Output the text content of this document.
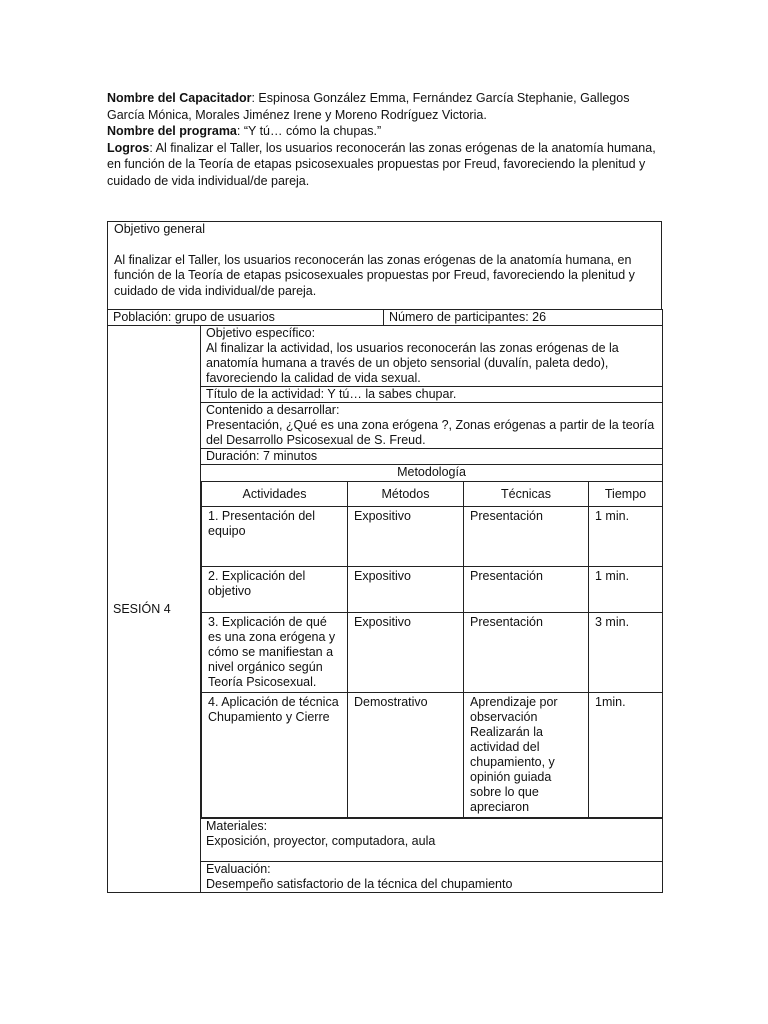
Nombre del Capacitador: Espinosa González Emma, Fernández García Stephanie, Gallegos García Mónica, Morales Jiménez Irene y Moreno Rodríguez Victoria.

Nombre del programa: “Y tú… cómo la chupas.”

Logros: Al finalizar el Taller, los usuarios reconocerán las zonas erógenas de la anatomía humana, en función de la Teoría de etapas psicosexuales propuestas por Freud, favoreciendo la plenitud y cuidado de vida individual/de pareja.

Objetivo general
Al finalizar el Taller, los usuarios reconocerán las zonas erógenas de la anatomía humana, en función de la Teoría de etapas psicosexuales propuestas por Freud, favoreciendo la plenitud y cuidado de vida individual/de pareja.
Población: grupo de usuarios	Número de participantes: 26
SESIÓN 4	
Objetivo específico:
Al finalizar la actividad, los usuarios reconocerán las zonas erógenas de la anatomía humana a través de un objeto sensorial (duvalín, paleta dedo), favoreciendo la calidad de vida sexual.

Título de la actividad: Y tú… la sabes chupar.

Contenido a desarrollar:
Presentación, ¿Qué es una zona erógena ?, Zonas erógenas a partir de la teoría del Desarrollo Psicosexual de S. Freud.

Duración: 7 minutos

Metodología
Actividades	Métodos	Técnicas	Tiempo
1. Presentación del equipo	Expositivo	Presentación	1 min.
2. Explicación del objetivo	Expositivo	Presentación	1 min.
3. Explicación de qué es una zona erógena y cómo se manifiestan a nivel orgánico según Teoría Psicosexual.	Expositivo	Presentación	3 min.
4. Aplicación de técnica Chupamiento y Cierre	Demostrativo	Aprendizaje por observación Realizarán la actividad del chupamiento, y opinión guiada sobre lo que apreciaron	1min.

Materiales:
Exposición, proyector, computadora, aula

Evaluación:
Desempeño satisfactorio de la técnica del chupamiento
